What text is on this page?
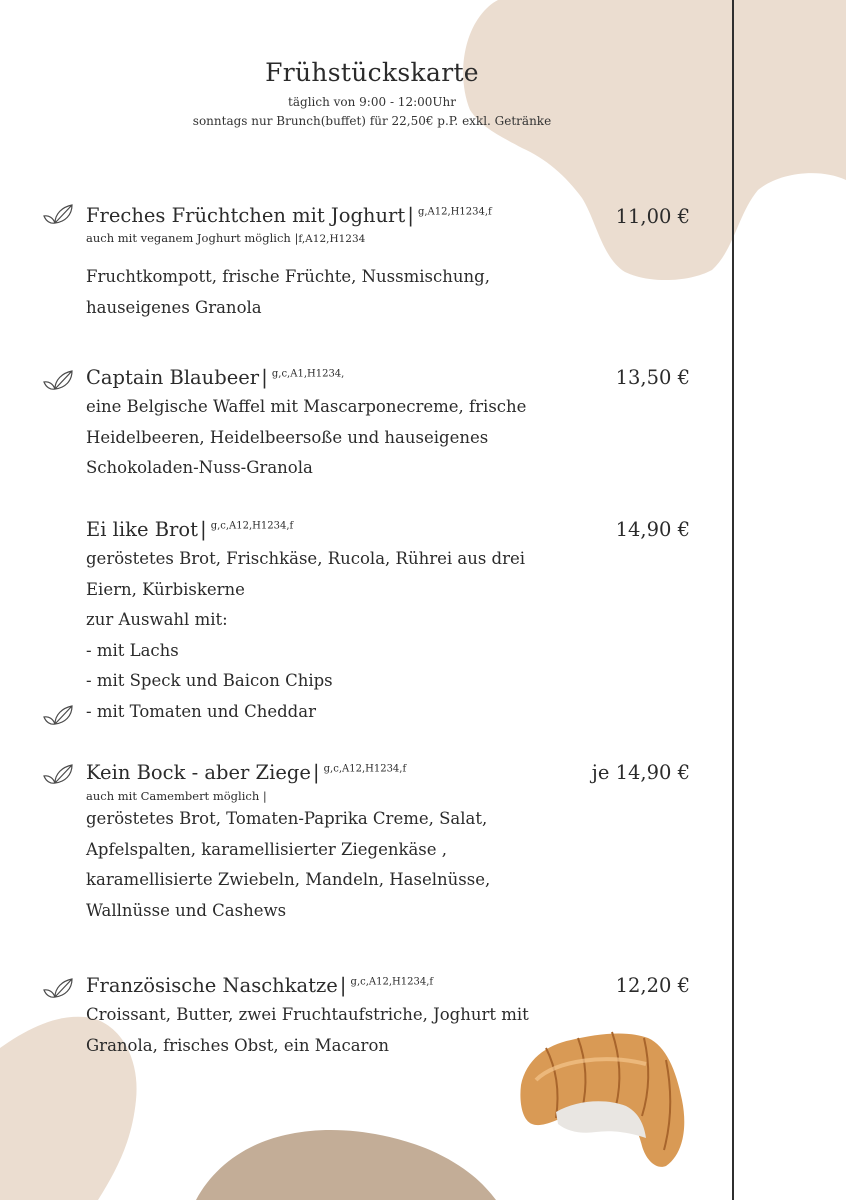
Frühstückskarte
täglich von 9:00 - 12:00Uhr
sonntags nur Brunch(buffet) für 22,50€ p.P. exkl. Getränke
Freches Früchtchen mit Joghurt | $^{g,A12,H1234,f}$
auch mit veganem Joghurt möglich |f,A12,H1234
Fruchtkompott, frische Früchte, Nussmischung,
hauseigenes Granola
11,00 €
Captain Blaubeer | $^{g,c,A1,H1234,}$
eine Belgische Waffel mit Mascarponecreme, frische
Heidelbeeren, Heidelbeersoße und hauseigenes
Schokoladen-Nuss-Granola
13,50 €
Ei like Brot | $^{g,c,A12,H1234,f}$
geröstetes Brot, Frischkäse, Rucola, Rührei aus drei
Eiern, Kürbiskerne
zur Auswahl mit:
- mit Lachs
- mit Speck und Baicon Chips
- mit Tomaten und Cheddar
14,90 €
Kein Bock - aber Ziege | $^{g,c,A12,H1234,f}$
auch mit Camembert möglich |
geröstetes Brot, Tomaten-Paprika Creme, Salat,
Apfelspalten, karamellisierter Ziegenkäse ,
karamellisierte Zwiebeln, Mandeln, Haselnüsse,
Wallnüsse und Cashews
je 14,90 €
Französische Naschkatze | $^{g,c,A12,H1234,f}$
Croissant, Butter, zwei Fruchtaufstriche, Joghurt mit
Granola, frisches Obst, ein Macaron
12,20 €
